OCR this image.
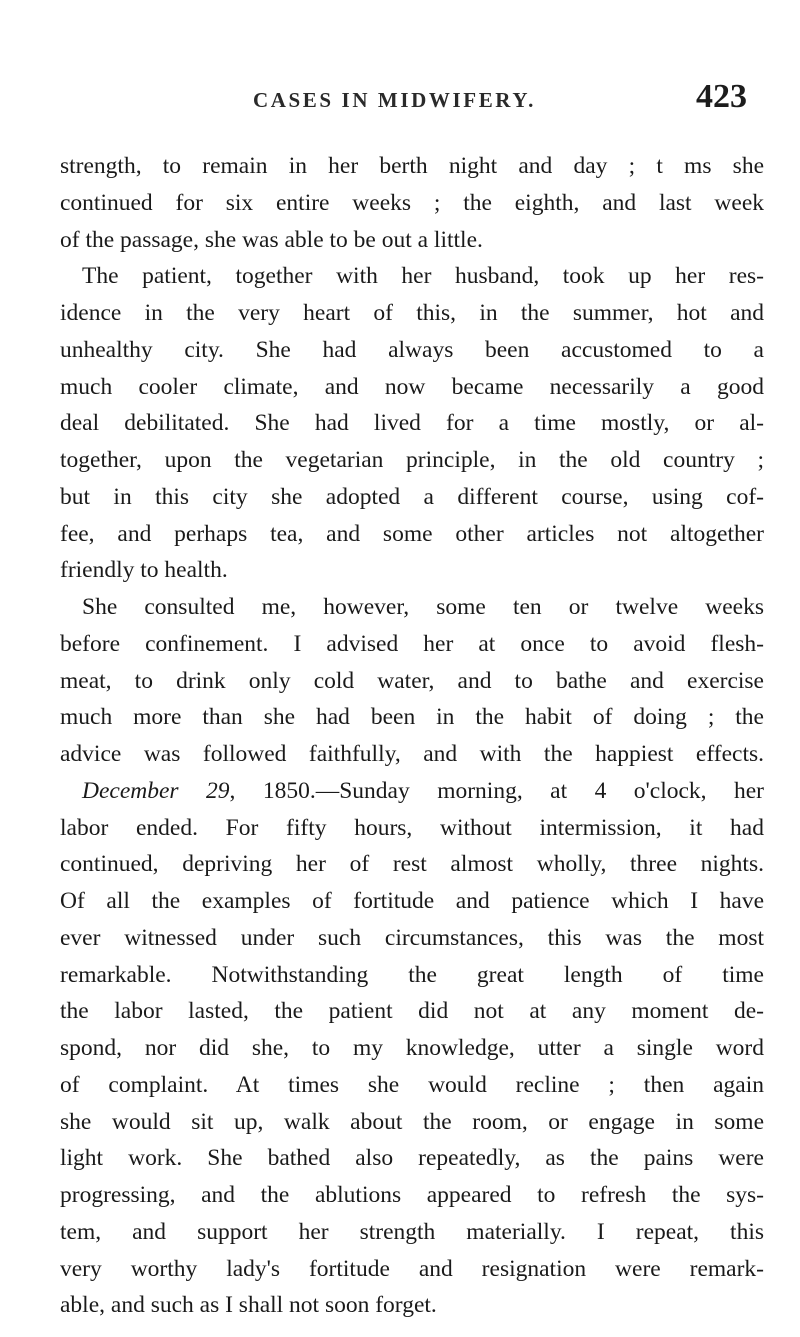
CASES IN MIDWIFERY.	423
strength, to remain in her berth night and day ; t ms she
continued for six entire weeks ; the eighth, and last week
of the passage, she was able to be out a little.
The patient, together with her husband, took up her res-
idence in the very heart of this, in the summer, hot and
unhealthy city. She had always been accustomed to a
much cooler climate, and now became necessarily a good
deal debilitated. She had lived for a time mostly, or al-
together, upon the vegetarian principle, in the old country ;
but in this city she adopted a different course, using cof-
fee, and perhaps tea, and some other articles not altogether
friendly to health.
She consulted me, however, some ten or twelve weeks
before confinement. I advised her at once to avoid flesh-
meat, to drink only cold water, and to bathe and exercise
much more than she had been in the habit of doing ; the
advice was followed faithfully, and with the happiest effects.
December 29, 1850.—Sunday morning, at 4 o'clock, her
labor ended. For fifty hours, without intermission, it had
continued, depriving her of rest almost wholly, three nights.
Of all the examples of fortitude and patience which I have
ever witnessed under such circumstances, this was the most
remarkable. Notwithstanding the great length of time
the labor lasted, the patient did not at any moment de-
spond, nor did she, to my knowledge, utter a single word
of complaint. At times she would recline ; then again
she would sit up, walk about the room, or engage in some
light work. She bathed also repeatedly, as the pains were
progressing, and the ablutions appeared to refresh the sys-
tem, and support her strength materially. I repeat, this
very worthy lady's fortitude and resignation were remark-
able, and such as I shall not soon forget.
